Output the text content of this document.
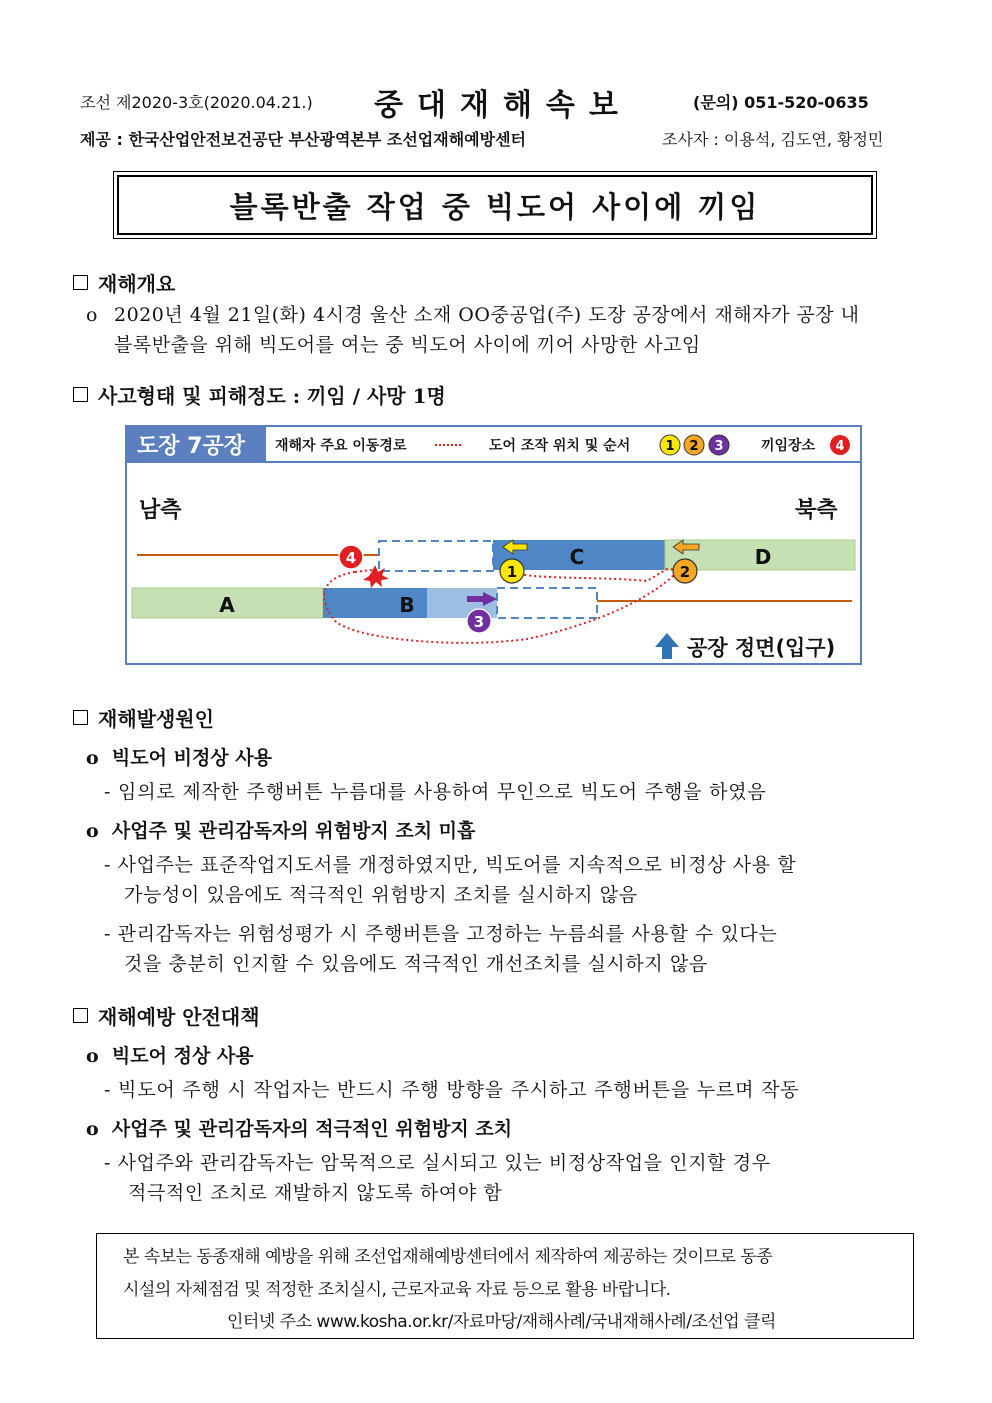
조선 제2020-3호(2020.04.21.) 중대재해속보	(문의) 051-520-0635
제공 : 한국산업안전보건공단 부산광역본부 조선업재해예방센터	조사자 : 이용석, 김도연, 황정민
블록반출 작업 중 빅도어 사이에 끼임
재해개요
o 2020년 4월 21일(화) 4시경 울산 소재 OO중공업(주) 도장 공장에서 재해자가 공장 내
블록반출을 위해 빅도어를 여는 중 빅도어 사이에 끼어 사망한 사고임
사고형태 및 피해정도 : 끼임 / 사망 1명
도장 7공장 재해자 주요 이동경로	도어 조작 위치 및 순서	1 2 3	끼임장소 4
남측	북측
C	D
A	B
4
1	2
3
공장 정면(입구)
재해발생원인
o 빅도어 비정상 사용
- 임의로 제작한 주행버튼 누름대를 사용하여 무인으로 빅도어 주행을 하였음
o 사업주 및 관리감독자의 위험방지 조치 미흡
- 사업주는 표준작업지도서를 개정하였지만, 빅도어를 지속적으로 비정상 사용 할
가능성이 있음에도 적극적인 위험방지 조치를 실시하지 않음
- 관리감독자는 위험성평가 시 주행버튼을 고정하는 누름쇠를 사용할 수 있다는
것을 충분히 인지할 수 있음에도 적극적인 개선조치를 실시하지 않음
재해예방 안전대책
o 빅도어 정상 사용
- 빅도어 주행 시 작업자는 반드시 주행 방향을 주시하고 주행버튼을 누르며 작동
o 사업주 및 관리감독자의 적극적인 위험방지 조치
- 사업주와 관리감독자는 암묵적으로 실시되고 있는 비정상작업을 인지할 경우
적극적인 조치로 재발하지 않도록 하여야 함
본 속보는 동종재해 예방을 위해 조선업재해예방센터에서 제작하여 제공하는 것이므로 동종
시설의 자체점검 및 적정한 조치실시, 근로자교육 자료 등으로 활용 바랍니다.
인터넷 주소 www.kosha.or.kr/자료마당/재해사례/국내재해사례/조선업 클릭
